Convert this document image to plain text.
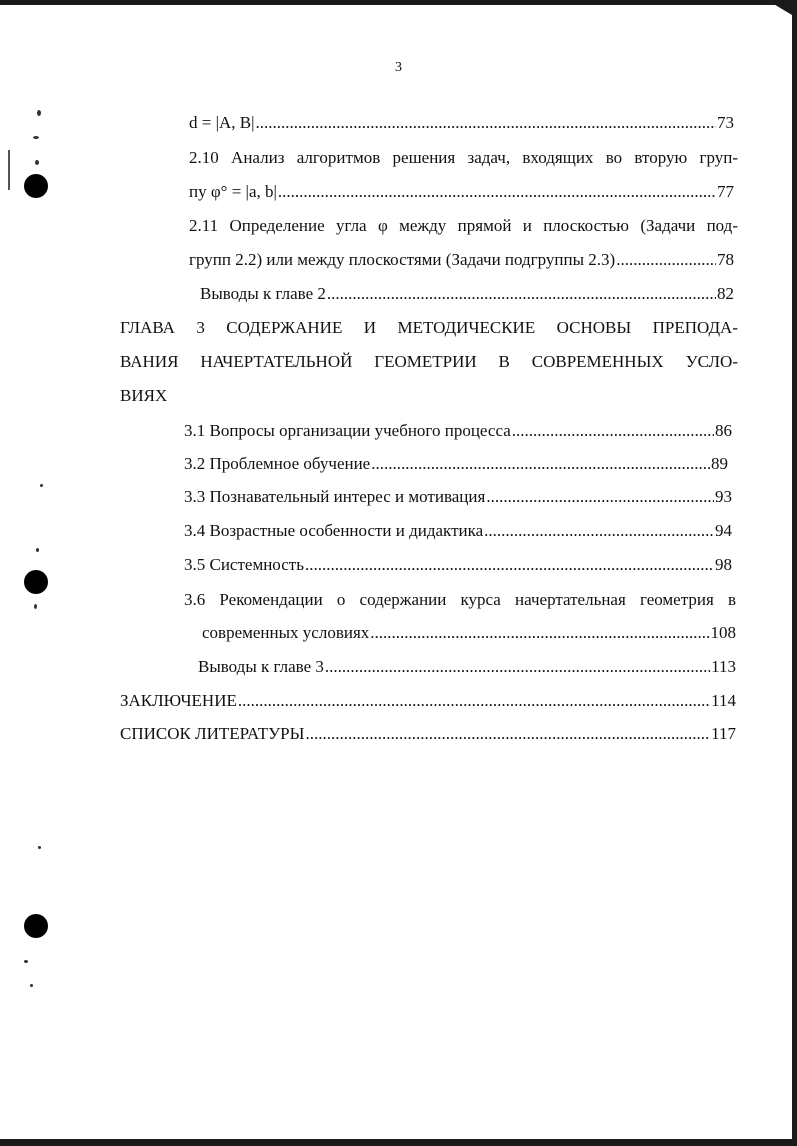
3
d = |A, B| .....	73
2.10 Анализ алгоритмов решения задач, входящих во вторую груп-
пу φ° = |a, b| .....	77
2.11 Определение угла φ между прямой и плоскостью (Задачи под-
групп 2.2) или между плоскостями (Задачи подгруппы 2.3) .....	78
Выводы к главе 2 .....	82
ГЛАВА 3 СОДЕРЖАНИЕ И МЕТОДИЧЕСКИЕ ОСНОВЫ ПРЕПОДА-
ВАНИЯ НАЧЕРТАТЕЛЬНОЙ ГЕОМЕТРИИ В СОВРЕМЕННЫХ УСЛО-
ВИЯХ
3.1 Вопросы организации учебного процесса .....	86
3.2 Проблемное обучение .....	89
3.3 Познавательный интерес и мотивация .....	93
3.4 Возрастные особенности и дидактика .....	94
3.5 Системность .....	98
3.6 Рекомендации о содержании курса начертательная геометрия в
современных условиях .....	108
Выводы к главе 3 .....	113
ЗАКЛЮЧЕНИЕ .....	114
СПИСОК ЛИТЕРАТУРЫ .....	117
